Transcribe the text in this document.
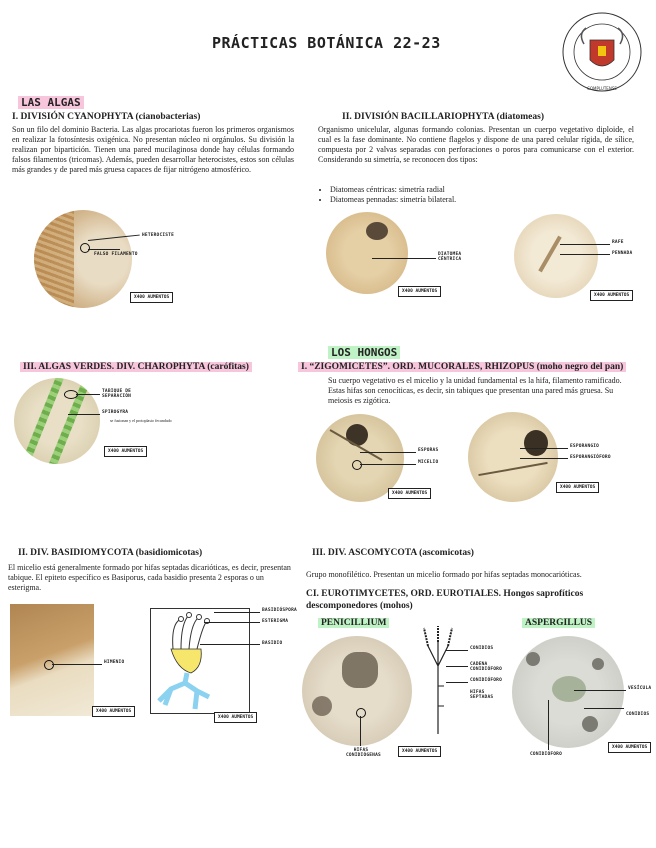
PRÁCTICAS BOTÁNICA 22-23
COMPLUTENSE
LAS ALGAS
I. DIVISIÓN CYANOPHYTA (cianobacterias)
Son un filo del dominio Bacteria. Las algas procariotas fueron los primeros organismos en realizar la fotosíntesis oxigénica. No presentan núcleo ni orgánulos. Su división la realizan por bipartición. Tienen una pared mucilaginosa donde hay células formando falsos filamentos (tricomas). Además, pueden desarrollar heterocistes, estos son células más grandes y de pared más gruesa capaces de fijar nitrógeno atmosférico.
HETEROCISTE
FALSO FILAMENTO
X400 AUMENTOS
II. DIVISIÓN BACILLARIOPHYTA (diatomeas)
Organismo unicelular, algunas formando colonias. Presentan un cuerpo vegetativo diploide, el cual es la fase dominante. No contiene flagelos y dispone de una pared celular rígida, de sílice, compuesta por 2 valvas separadas con perforaciones o poros para comunicarse con el exterior. Considerando su simetría, se reconocen dos tipos:
• Diatomeas céntricas: simetría radial
• Diatomeas pennadas: simetría bilateral.
DIATOMEA CÉNTRICA
X400 AUMENTOS
RAFE
PENNADA
X400 AUMENTOS
III. ALGAS VERDES. DIV. CHAROPHYTA (carófitas)
TABIQUE DE SEPARACIÓN
SPIROGYRA
se fusionan y el protoplasto fecundado
X400 AUMENTOS
LOS HONGOS
I. “ZIGOMICETES”. ORD. MUCORALES, RHIZOPUS (moho negro del pan)
Su cuerpo vegetativo es el micelio y la unidad fundamental es la hifa, filamento ramificado. Estas hifas son cenocíticas, es decir, sin tabiques que presentan una pared más gruesa. Su meiosis es zigótica.
ESPORAS
MICELIO
X400 AUMENTOS
ESPORANGIO
ESPORANGIÓFORO
X400 AUMENTOS
II. DIV. BASIDIOMYCOTA (basidiomicotas)
El micelio está generalmente formado por hifas septadas dicarióticas, es decir, presentan tabique. El epiteto específico es Basiporus, cada basidio presenta 2 esporas o un esterigma.
HIMENIO
X400 AUMENTOS
BASIDIÓSPORA
ESTERIGMA
BASIDIO
X400 AUMENTOS
III. DIV. ASCOMYCOTA (ascomicotas)
Grupo monofilético. Presentan un micelio formado por hifas septadas monocarióticas.
CI. EUROTIMYCETES, ORD. EUROTIALES. Hongos saprofíticos descomponedores (mohos)
PENICILLIUM	ASPERGILLUS
HIFAS CONIDIÓGENAS
CONIDIOS
CADENA CONIDIÓFORO
CONIDIÓFORO
HIFAS SEPTADAS
X400 AUMENTOS
VESÍCULA
CONIDIOS
CONIDIÓFORO
X400 AUMENTOS
